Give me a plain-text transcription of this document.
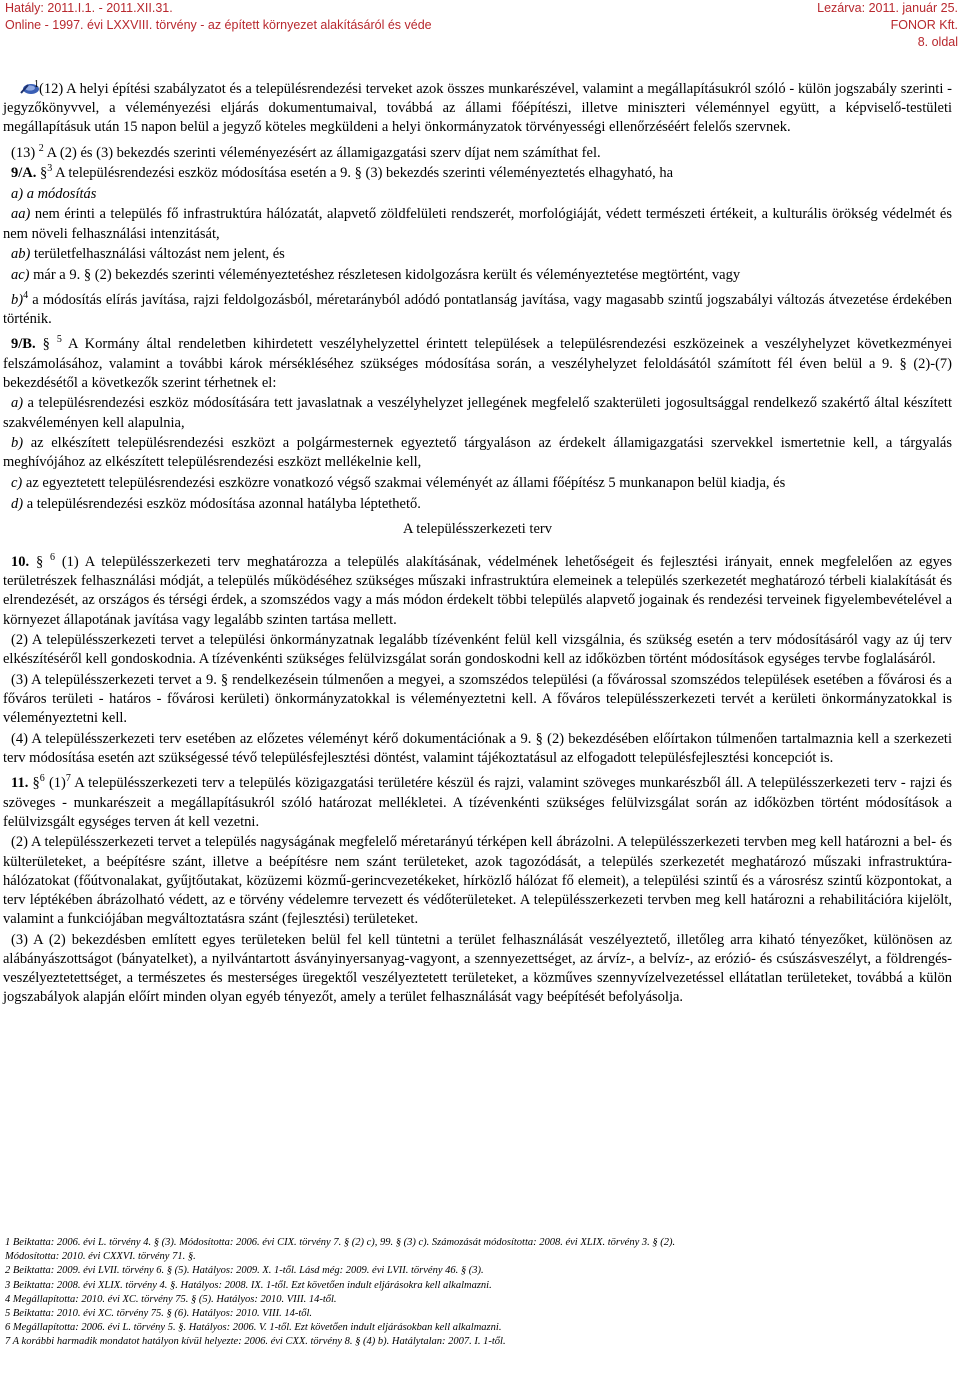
Hatály: 2011.I.1. - 2011.XII.31.
Online - 1997. évi LXXVIII. törvény - az épített környezet alakításáról és véde
Lezárva: 2011. január 25.
FONOR Kft.
8. oldal

$^1$(12) A helyi építési szabályzatot és a településrendezési terveket azok összes munkarészével, valamint a megállapításukról szóló - külön jogszabály szerinti - jegyzőkönyvvel, a véleményezési eljárás dokumentumaival, továbbá az állami főépítészi, illetve miniszteri véleménnyel együtt, a képviselő-testületi megállapításuk után 15 napon belül a jegyző köteles megküldeni a helyi önkormányzatok törvényességi ellenőrzéséért felelős szervnek.

(13) $^2$ A (2) és (3) bekezdés szerinti véleményezésért az államigazgatási szerv díjat nem számíthat fel.

9/A. §$^3$ A településrendezési eszköz módosítása esetén a 9. § (3) bekezdés szerinti véleményeztetés elhagyható, ha

a) a módosítás

aa) nem érinti a település fő infrastruktúra hálózatát, alapvető zöldfelületi rendszerét, morfológiáját, védett természeti értékeit, a kulturális örökség védelmét és nem növeli felhasználási intenzitását,

ab) területfelhasználási változást nem jelent, és

ac) már a 9. § (2) bekezdés szerinti véleményeztetéshez részletesen kidolgozásra került és véleményeztetése megtörtént, vagy

b)$^4$ a módosítás elírás javítása, rajzi feldolgozásból, méretarányból adódó pontatlanság javítása, vagy magasabb szintű jogszabályi változás átvezetése érdekében történik.

9/B. § $^5$ A Kormány által rendeletben kihirdetett veszélyhelyzettel érintett települések a településrendezési eszközeinek a veszélyhelyzet következményei felszámolásához, valamint a további károk mérsékléséhez szükséges módosítása során, a veszélyhelyzet feloldásától számított fél éven belül a 9. § (2)-(7) bekezdésétől a következők szerint térhetnek el:

a) a településrendezési eszköz módosítására tett javaslatnak a veszélyhelyzet jellegének megfelelő szakterületi jogosultsággal rendelkező szakértő által készített szakvéleményen kell alapulnia,

b) az elkészített településrendezési eszközt a polgármesternek egyeztető tárgyaláson az érdekelt államigazgatási szervekkel ismertetnie kell, a tárgyalás meghívójához az elkészített településrendezési eszközt mellékelnie kell,

c) az egyeztetett településrendezési eszközre vonatkozó végső szakmai véleményét az állami főépítész 5 munkanapon belül kiadja, és

d) a településrendezési eszköz módosítása azonnal hatályba léptethető.

A településszerkezeti terv

10. § $^6$ (1) A településszerkezeti terv meghatározza a település alakításának, védelmének lehetőségeit és fejlesztési irányait, ennek megfelelően az egyes területrészek felhasználási módját, a település működéséhez szükséges műszaki infrastruktúra elemeinek a település szerkezetét meghatározó térbeli kialakítását és elrendezését, az országos és térségi érdek, a szomszédos vagy a más módon érdekelt többi település alapvető jogainak és rendezési terveinek figyelembevételével a környezet állapotának javítása vagy legalább szinten tartása mellett.

(2) A településszerkezeti tervet a települési önkormányzatnak legalább tízévenként felül kell vizsgálnia, és szükség esetén a terv módosításáról vagy az új terv elkészítéséről kell gondoskodnia. A tízévenkénti szükséges felülvizsgálat során gondoskodni kell az időközben történt módosítások egységes tervbe foglalásáról.

(3) A településszerkezeti tervet a 9. § rendelkezésein túlmenően a megyei, a szomszédos települési (a fővárossal szomszédos települések esetében a fővárosi és a főváros területi - határos - fővárosi kerületi) önkormányzatokkal is véleményeztetni kell. A főváros településszerkezeti tervét a kerületi önkormányzatokkal is véleményeztetni kell.

(4) A településszerkezeti terv esetében az előzetes véleményt kérő dokumentációnak a 9. § (2) bekezdésében előírtakon túlmenően tartalmaznia kell a szerkezeti terv módosítása esetén azt szükségessé tévő településfejlesztési döntést, valamint tájékoztatásul az elfogadott településfejlesztési koncepciót is.

11. §$^6$ $(1)^7$ A településszerkezeti terv a település közigazgatási területére készül és rajzi, valamint szöveges munkarészből áll. A településszerkezeti terv - rajzi és szöveges - munkarészeit a megállapításukról szóló határozat mellékletei. A tízévenkénti szükséges felülvizsgálat során az időközben történt módosítások a felülvizsgált egységes terven át kell vezetni.

(2) A településszerkezeti tervet a település nagyságának megfelelő méretarányú térképen kell ábrázolni. A településszerkezeti tervben meg kell határozni a bel- és külterületeket, a beépítésre szánt, illetve a beépítésre nem szánt területeket, azok tagozódását, a település szerkezetét meghatározó műszaki infrastruktúra-hálózatokat (főútvonalakat, gyűjtőutakat, közüzemi közmű-gerincvezetékeket, hírközlő hálózat fő elemeit), a települési szintű és a városrész szintű központokat, a terv léptékében ábrázolható védett, az e törvény védelemre tervezett és védőterületeket. A településszerkezeti tervben meg kell határozni a rehabilitációra kijelölt, valamint a funkciójában megváltoztatásra szánt (fejlesztési) területeket.

(3) A (2) bekezdésben említett egyes területeken belül fel kell tüntetni a terület felhasználását veszélyeztető, illetőleg arra kiható tényezőket, különösen az alábányászottságot (bányatelket), a nyilvántartott ásványinyersanyag-vagyont, a szennyezettséget, az árvíz-, a belvíz-, az erózió- és csúszásveszélyt, a földrengés-veszélyeztetettséget, a természetes és mesterséges üregektől veszélyeztetett területeket, a közműves szennyvízelvezetéssel ellátatlan területeket, továbbá a külön jogszabályok alapján előírt minden olyan egyéb tényezőt, amely a terület felhasználását vagy beépítését befolyásolja.

1 Beiktatta: 2006. évi L. törvény 4. § (3). Módosította: 2006. évi CIX. törvény 7. § (2) c), 99. § (3) c). Számozását módosította: 2008. évi XLIX. törvény 3. § (2).
Módosította: 2010. évi CXXVI. törvény 71. §.
2 Beiktatta: 2009. évi LVII. törvény 6. § (5). Hatályos: 2009. X. 1-től. Lásd még: 2009. évi LVII. törvény 46. § (3).
3 Beiktatta: 2008. évi XLIX. törvény 4. §. Hatályos: 2008. IX. 1-től. Ezt követően indult eljárásokra kell alkalmazni.
4 Megállapította: 2010. évi XC. törvény 75. § (5). Hatályos: 2010. VIII. 14-től.
5 Beiktatta: 2010. évi XC. törvény 75. § (6). Hatályos: 2010. VIII. 14-től.
6 Megállapította: 2006. évi L. törvény 5. §. Hatályos: 2006. V. 1-től. Ezt követően indult eljárásokban kell alkalmazni.
7 A korábbi harmadik mondatot hatályon kívül helyezte: 2006. évi CXX. törvény 8. § (4) b). Hatálytalan: 2007. I. 1-től.
